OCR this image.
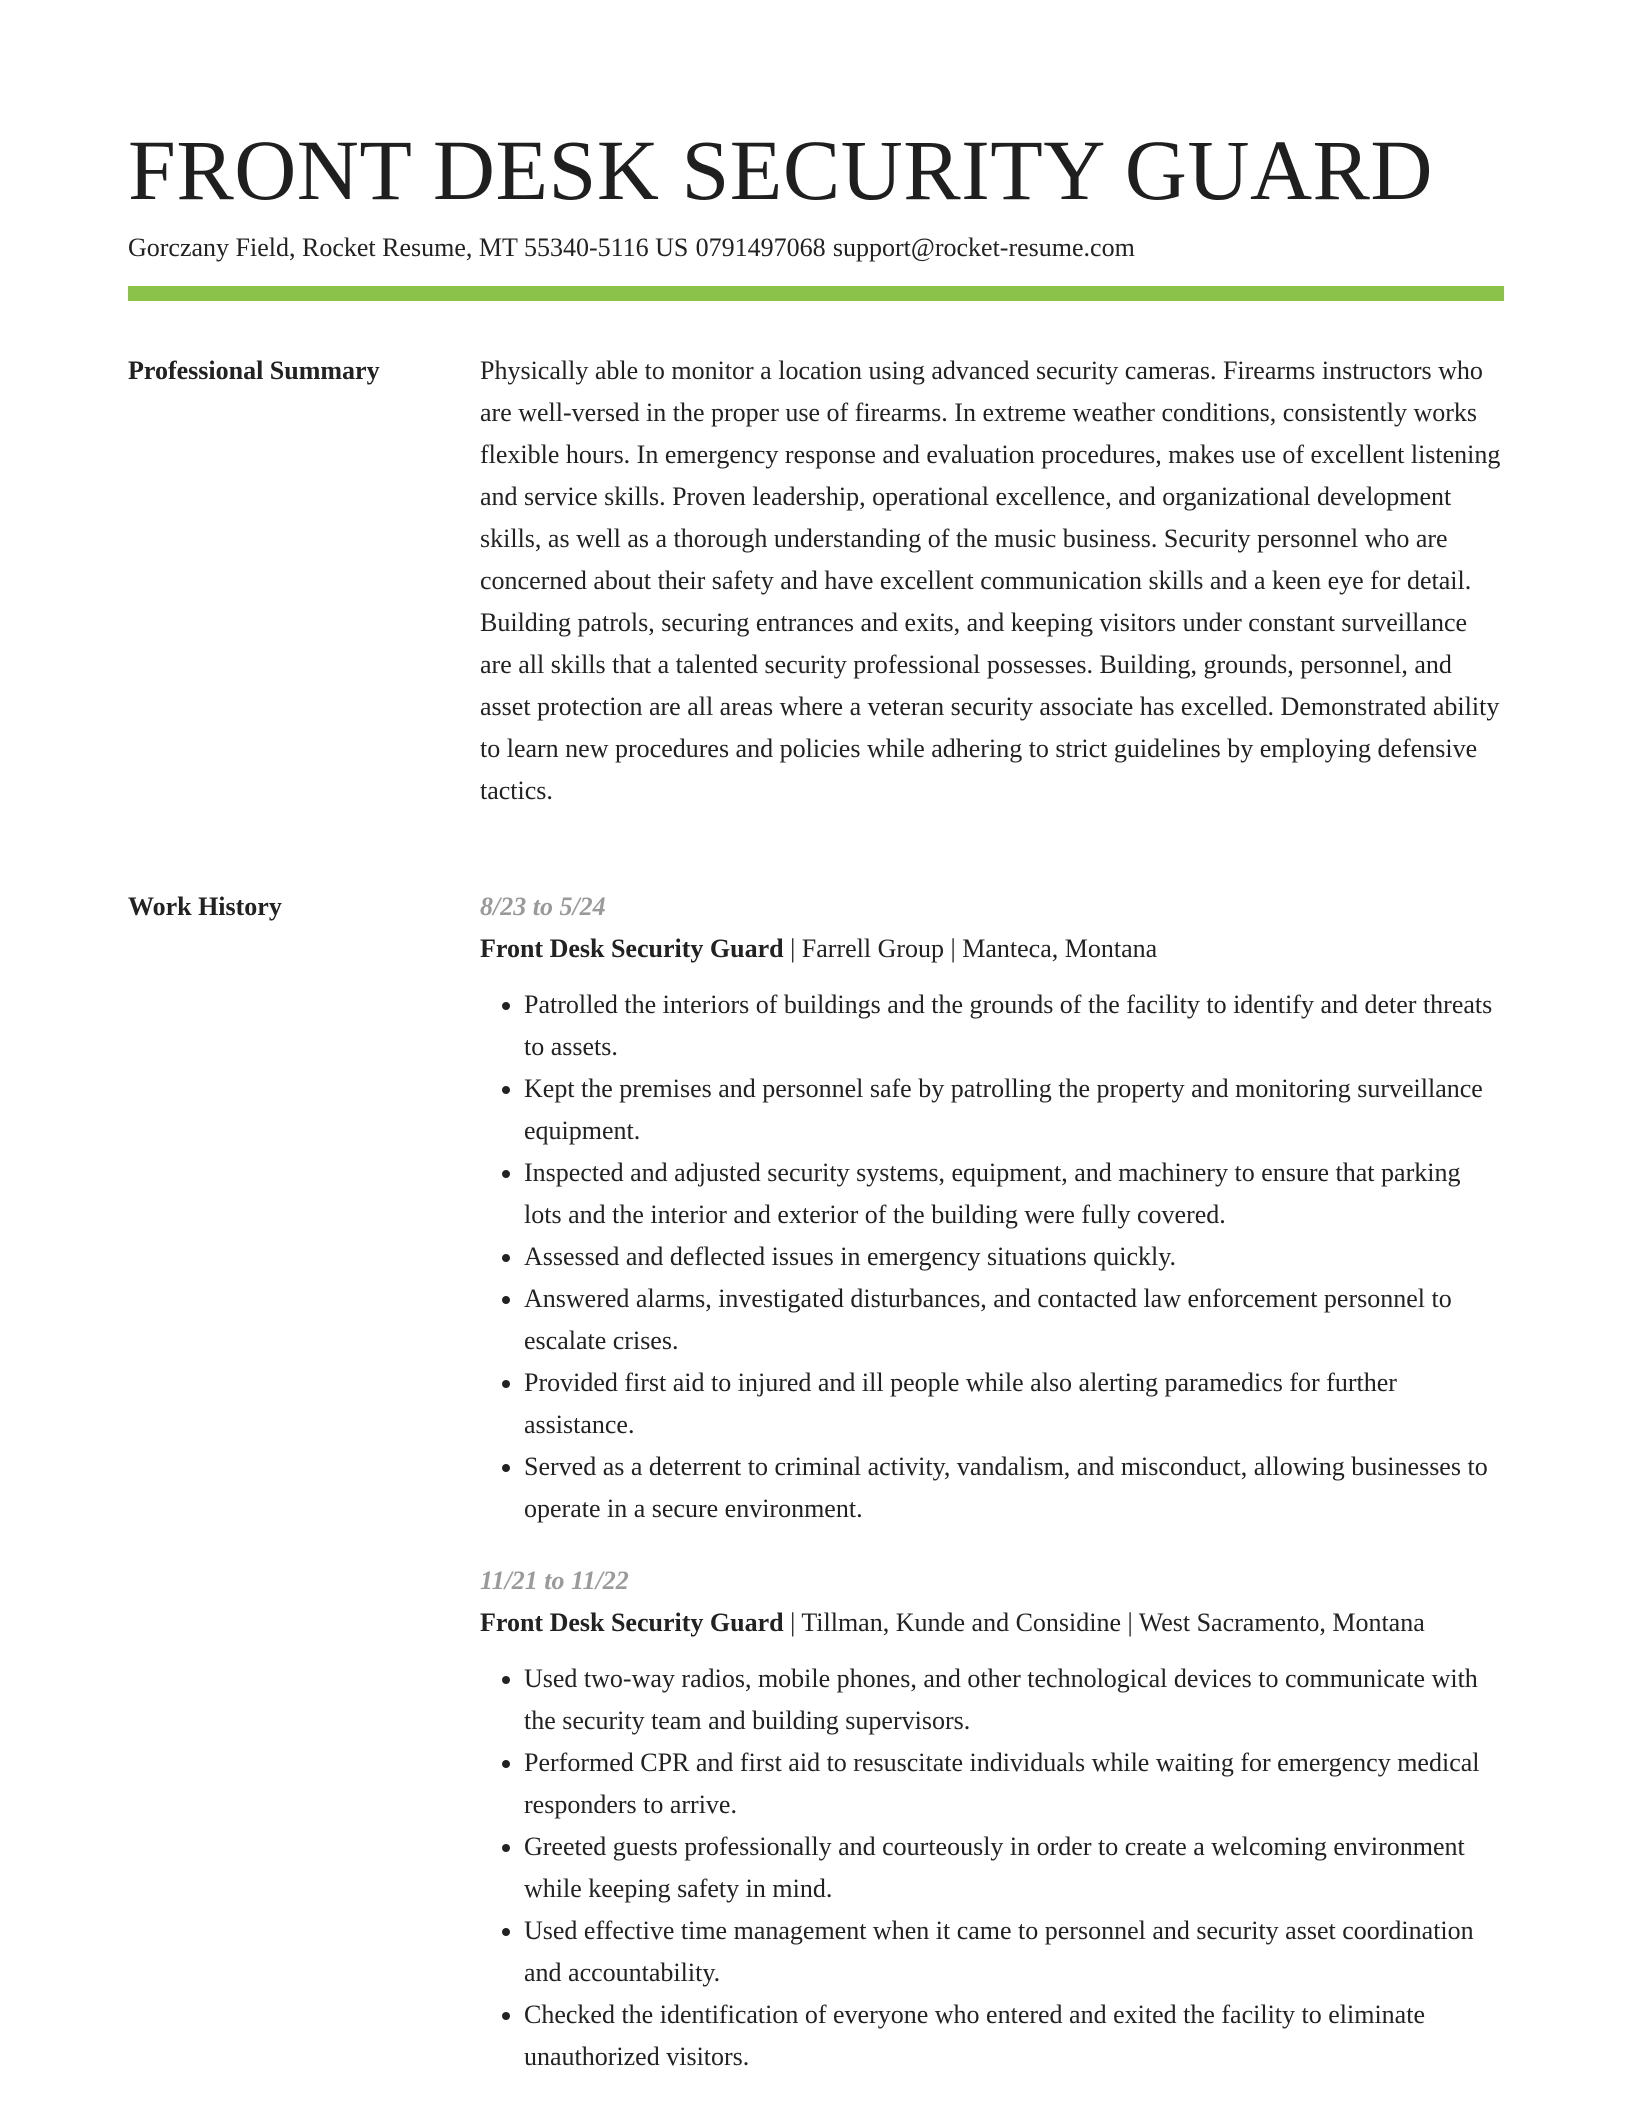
FRONT DESK SECURITY GUARD
Gorczany Field, Rocket Resume, MT 55340-5116 US 0791497068 support@rocket-resume.com
Professional Summary	Physically able to monitor a location using advanced security cameras. Firearms instructors who are well-versed in the proper use of firearms. In extreme weather conditions, consistently works flexible hours. In emergency response and evaluation procedures, makes use of excellent listening and service skills. Proven leadership, operational excellence, and organizational development skills, as well as a thorough understanding of the music business. Security personnel who are concerned about their safety and have excellent communication skills and a keen eye for detail. Building patrols, securing entrances and exits, and keeping visitors under constant surveillance are all skills that a talented security professional possesses. Building, grounds, personnel, and asset protection are all areas where a veteran security associate has excelled. Demonstrated ability to learn new procedures and policies while adhering to strict guidelines by employing defensive tactics.

Work History	8/23 to 5/24
Front Desk Security Guard | Farrell Group | Manteca, Montana
• Patrolled the interiors of buildings and the grounds of the facility to identify and deter threats to assets.
• Kept the premises and personnel safe by patrolling the property and monitoring surveillance equipment.
• Inspected and adjusted security systems, equipment, and machinery to ensure that parking lots and the interior and exterior of the building were fully covered.
• Assessed and deflected issues in emergency situations quickly.
• Answered alarms, investigated disturbances, and contacted law enforcement personnel to escalate crises.
• Provided first aid to injured and ill people while also alerting paramedics for further assistance.
• Served as a deterrent to criminal activity, vandalism, and misconduct, allowing businesses to operate in a secure environment.
11/21 to 11/22
Front Desk Security Guard | Tillman, Kunde and Considine | West Sacramento, Montana
• Used two-way radios, mobile phones, and other technological devices to communicate with the security team and building supervisors.
• Performed CPR and first aid to resuscitate individuals while waiting for emergency medical responders to arrive.
• Greeted guests professionally and courteously in order to create a welcoming environment while keeping safety in mind.
• Used effective time management when it came to personnel and security asset coordination and accountability.
• Checked the identification of everyone who entered and exited the facility to eliminate unauthorized visitors.
